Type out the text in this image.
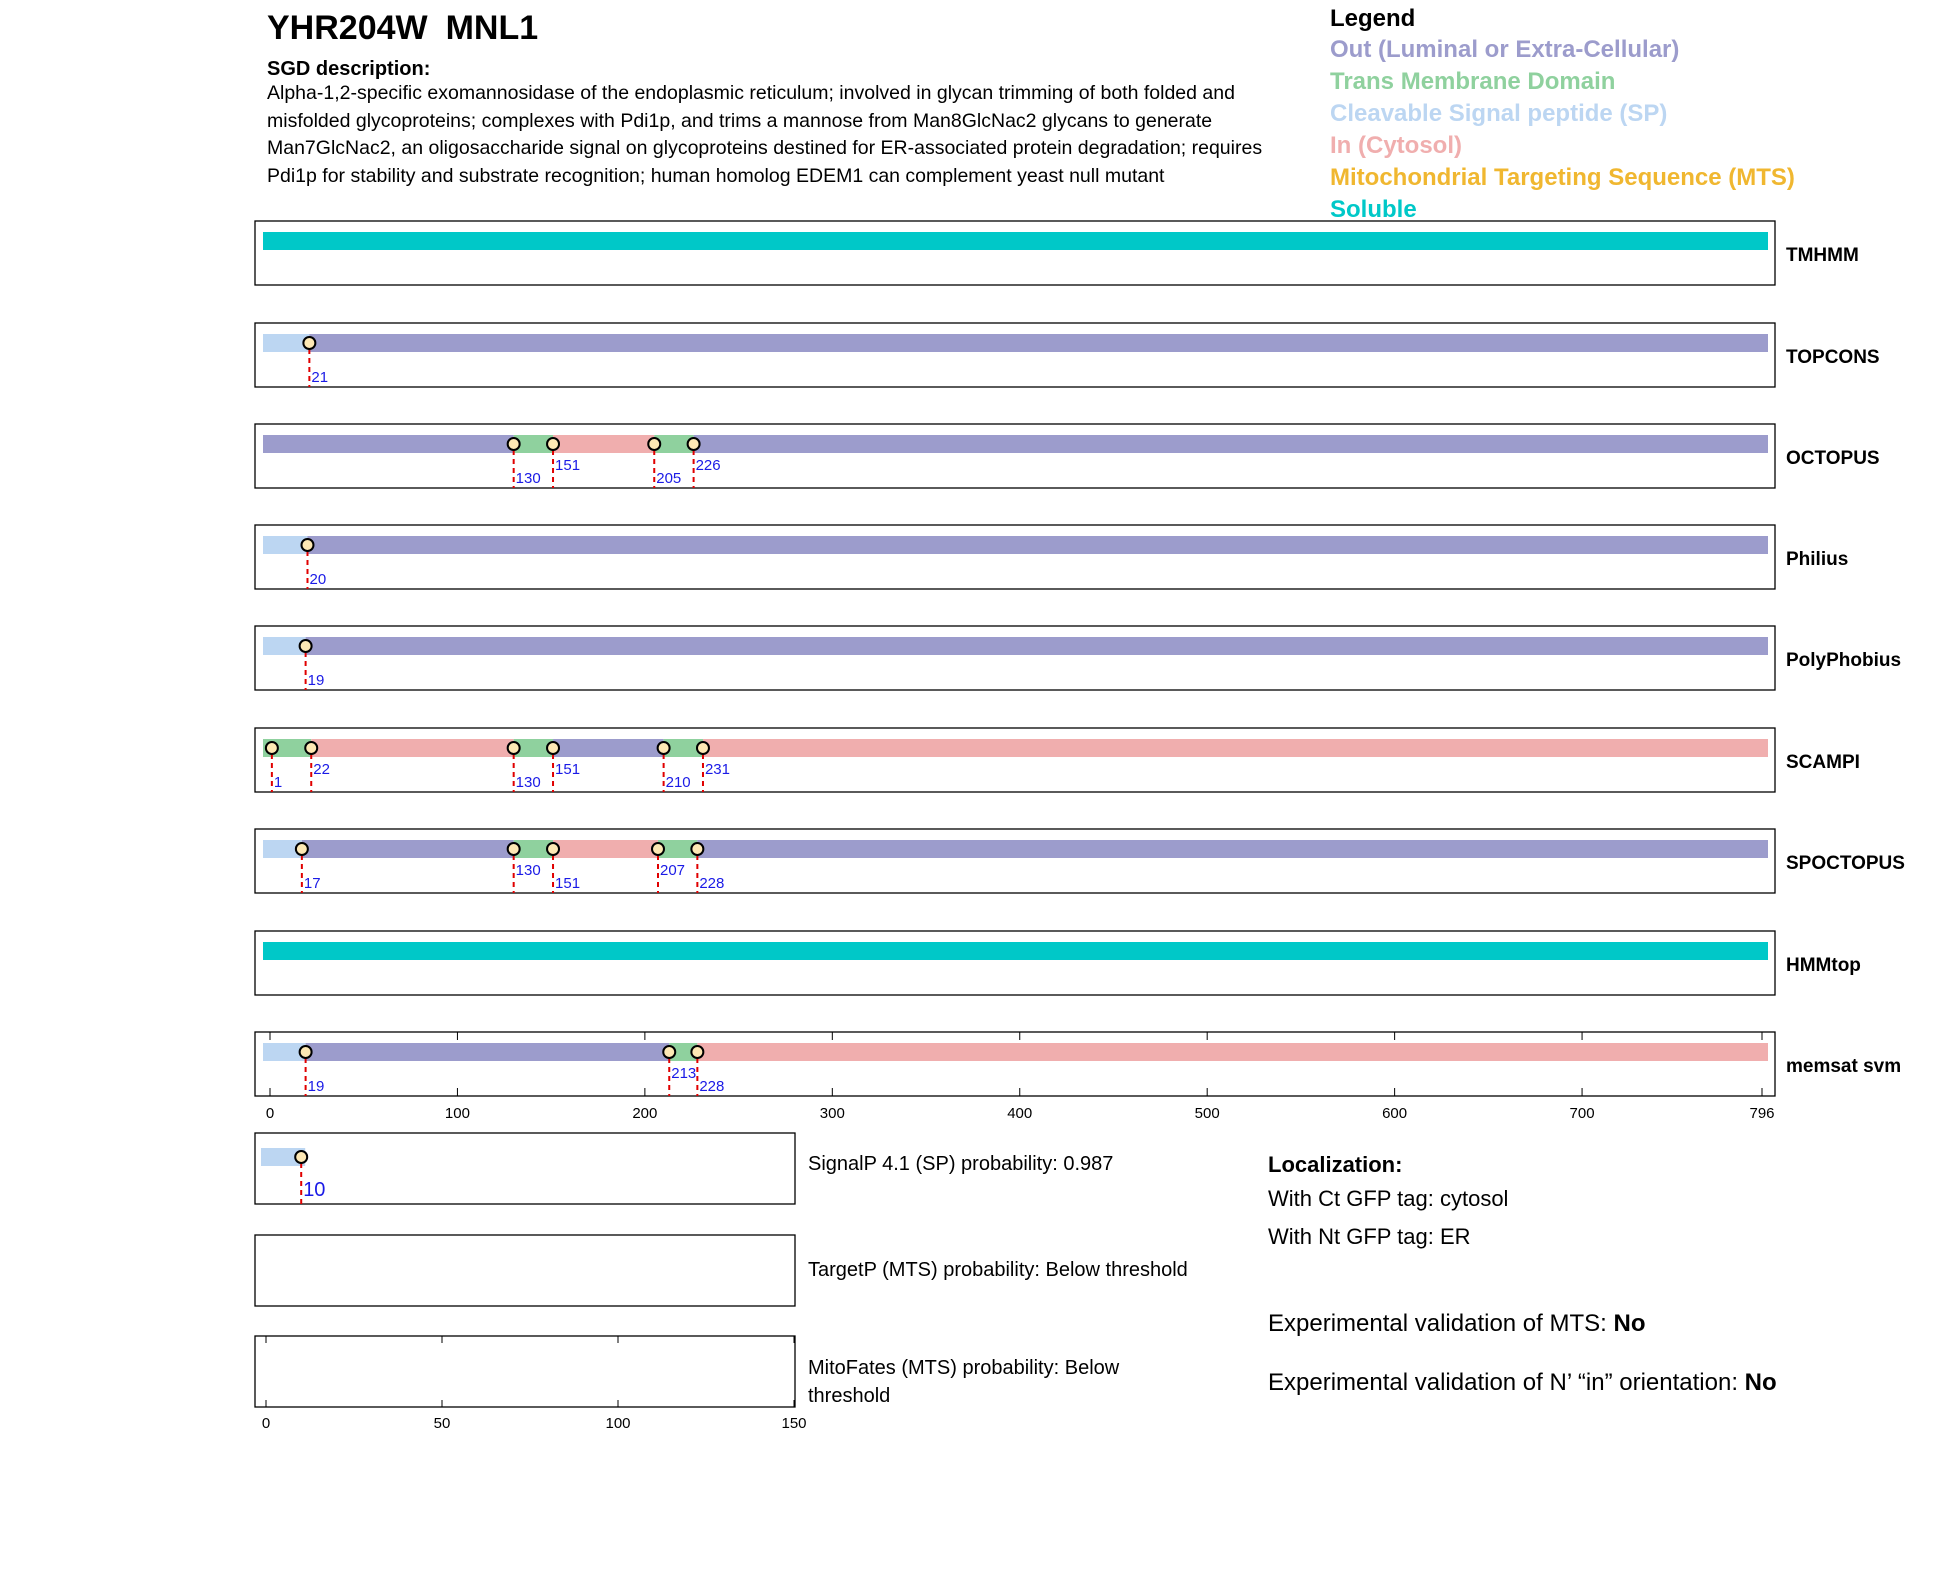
TMHMM
21
TOPCONS
130
151
205
226	OCTOPUS
20
Philius
19
PolyPhobius
1
22
130
151
210
231	SCAMPI
17
130
151
207
228
SPOCTOPUS
HMMtop
19
213
228
memsat svm
0	100	200	300	400	500	600	700	796
10
0	50	100	150
YHR204W MNL1
SGD description:
Alpha-1,2-specific exomannosidase of the endoplasmic reticulum; involved in glycan trimming of both folded and misfolded glycoproteins; complexes with Pdi1p, and trims a mannose from Man8GlcNac2 glycans to generate Man7GlcNac2, an oligosaccharide signal on glycoproteins destined for ER-associated protein degradation; requires Pdi1p for stability and substrate recognition; human homolog EDEM1 can complement yeast null mutant
Legend
Out (Luminal or Extra-Cellular)
Trans Membrane Domain
Cleavable Signal peptide (SP)
In (Cytosol)
Mitochondrial Targeting Sequence (MTS)
Soluble
SignalP 4.1 (SP) probability: 0.987
TargetP (MTS) probability: Below threshold
MitoFates (MTS) probability: Below threshold
Localization:
With Ct GFP tag: cytosol
With Nt GFP tag: ER
Experimental validation of MTS: No
Experimental validation of N’ “in” orientation: No
